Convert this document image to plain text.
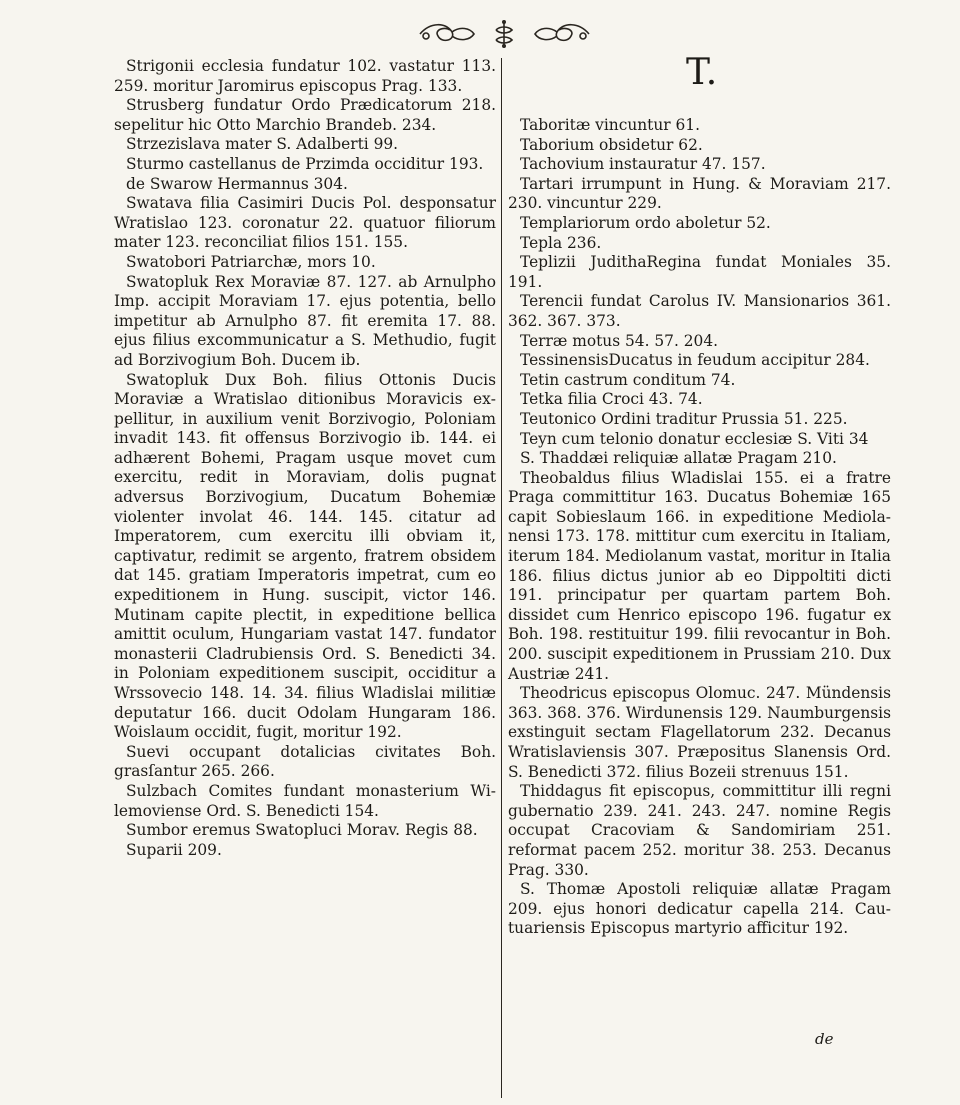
T.

Strigonii ecclesia fundatur 102. vastatur 113. 259. moritur Jaromirus episcopus Prag. 133.

Strusberg fundatur Ordo Prædicatorum 218. sepelitur hic Otto Marchio Brandeb. 234.

Strzezislava mater S. Adalberti 99.

Sturmo castellanus de Przimda occiditur 193.

de Swarow Hermannus 304.

Swatava filia Casimiri Ducis Pol. desponsatur Wratislao 123. coronatur 22. quatuor filiorum mater 123. reconciliat filios 151. 155.

Swatobori Patriarchæ, mors 10.

Swatopluk Rex Moraviæ 87. 127. ab Arnulpho Imp. accipit Moraviam 17. ejus potentia, bello impetitur ab Arnulpho 87. fit eremita 17. 88. ejus filius excommunicatur a S. Methudio, fugit ad Borzivogium Boh. Ducem ib.

Swatopluk Dux Boh. filius Ottonis Ducis Moraviæ a Wratislao ditionibus Moravicis expellitur, in auxilium venit Borzivogio, Poloniam invadit 143. fit offensus Borzivogio ib. 144. ei adhærent Bohemi, Pragam usque movet cum exercitu, redit in Moraviam, dolis pugnat adversus Borzivogium, Ducatum Bohemiæ violenter involat 46. 144. 145. citatur ad Imperatorem, cum exercitu illi obviam it, captivatur, redimit se argento, fratrem obsidem dat 145. gratiam Imperatoris impetrat, cum eo expeditionem in Hung. suscipit, victor 146. Mutinam capite plectit, in expeditione bellica amittit oculum, Hungariam vastat 147. fundator monasterii Cladrubiensis Ord. S. Benedicti 34. in Poloniam expeditionem suscipit, occiditur a Wrssovecio 148. 14. 34. filius Wladislai militiæ deputatur 166. ducit Odolam Hungaram 186. Woislaum occidit, fugit, moritur 192.

Suevi occupant dotalicias civitates Boh. grasſantur 265. 266.

Sulzbach Comites fundant monasterium Wilemoviense Ord. S. Benedicti 154.

Sumbor eremus Swatopluci Morav. Regis 88.

Suparii 209.

Taboritæ vincuntur 61.

Taborium obsidetur 62.

Tachovium instauratur 47. 157.

Tartari irrumpunt in Hung. & Moraviam 217. 230. vincuntur 229.

Templariorum ordo aboletur 52.

Tepla 236.

Teplizii JudithaRegina fundat Moniales 35. 191.

Terencii fundat Carolus IV. Mansionarios 361. 362. 367. 373.

Terræ motus 54. 57. 204.

TessinensisDucatus in feudum accipitur 284.

Tetin castrum conditum 74.

Tetka filia Croci 43. 74.

Teutonico Ordini traditur Prussia 51. 225.

Teyn cum telonio donatur ecclesiæ S. Viti 34

S. Thaddæi reliquiæ allatæ Pragam 210.

Theobaldus filius Wladislai 155. ei a fratre Praga committitur 163. Ducatus Bohemiæ 165 capit Sobieslaum 166. in expeditione Mediolanensi 173. 178. mittitur cum exercitu in Italiam, iterum 184. Mediolanum vastat, moritur in Italia 186. filius dictus junior ab eo Dippoltiti dicti 191. principatur per quartam partem Boh. dissidet cum Henrico episcopo 196. fugatur ex Boh. 198. restituitur 199. filii revocantur in Boh. 200. suscipit expeditionem in Prussiam 210. Dux Austriæ 241.

Theodricus episcopus Olomuc. 247. Mündensis 363. 368. 376. Wirdunensis 129. Naumburgensis exstinguit sectam Flagellatorum 232. Decanus Wratislaviensis 307. Præpositus Slanensis Ord. S. Benedicti 372. filius Bozeii strenuus 151.

Thiddagus fit episcopus, committitur illi regni gubernatio 239. 241. 243. 247. nomine Regis occupat Cracoviam & Sandomiriam 251. reformat pacem 252. moritur 38. 253. Decanus Prag. 330.

S. Thomæ Apostoli reliquiæ allatæ Pragam 209. ejus honori dedicatur capella 214. Cautuariensis Episcopus martyrio afficitur 192.

de
